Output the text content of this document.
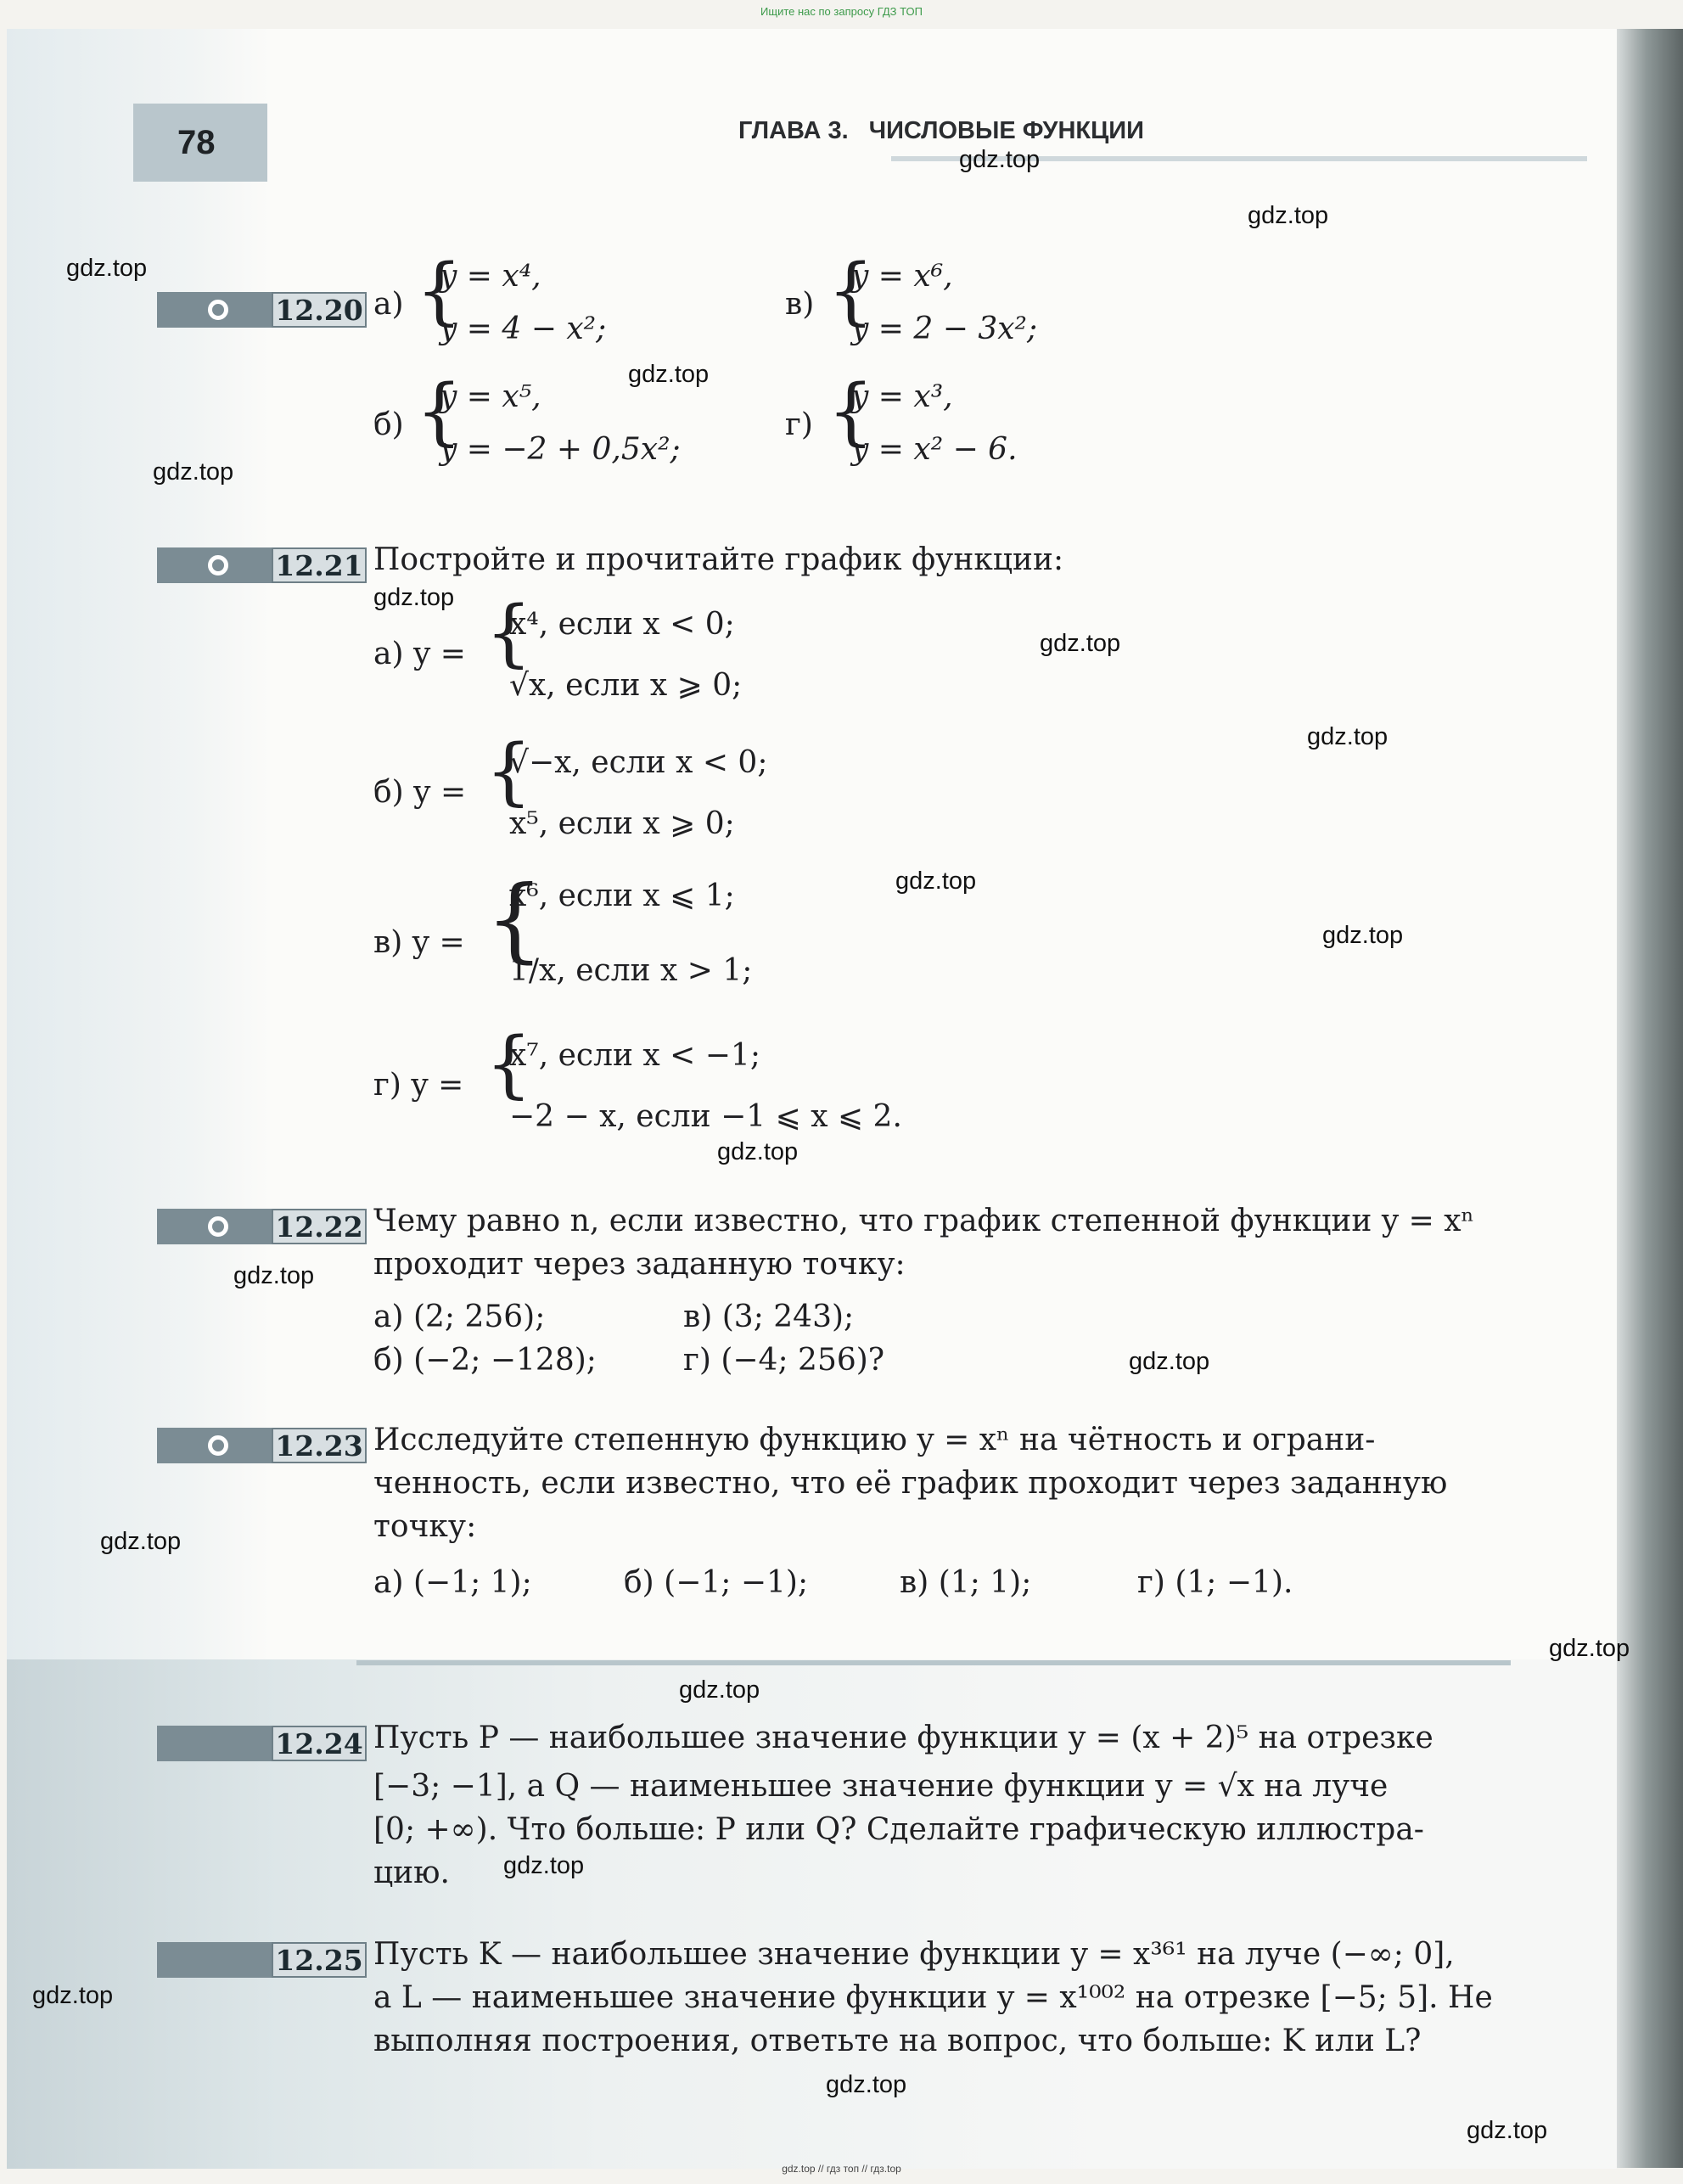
Ищите нас по запросу ГДЗ ТОП
78	ГЛАВА 3. ЧИСЛОВЫЕ ФУНКЦИИ
12.20 а) {
y = x⁴,
y = 4 − x²;
в) {
y = x⁶,
y = 2 − 3x²;
б) {
y = x⁵,
y = −2 + 0,5x²;
г) {
y = x³,
y = x² − 6.
12.21 Постройте и прочитайте график функции:
а) y = {
x⁴, если x < 0;
√x, если x ⩾ 0;
б) y = {
√−x, если x < 0;
x⁵, если x ⩾ 0;
в) y = {
x⁶, если x ⩽ 1;
1/x, если x > 1;
г) y = {
x⁷, если x < −1;
−2 − x, если −1 ⩽ x ⩽ 2.
12.22 Чему равно n, если известно, что график степенной функции y = xⁿ
проходит через заданную точку:
а) (2; 256);	в) (3; 243);
б) (−2; −128);	г) (−4; 256)?
12.23 Исследуйте степенную функцию y = xⁿ на чётность и ограни-
ченность, если известно, что её график проходит через заданную
точку:
а) (−1; 1);	б) (−1; −1);	в) (1; 1);	г) (1; −1).
12.24 Пусть P — наибольшее значение функции y = (x + 2)⁵ на отрезке
[−3; −1], а Q — наименьшее значение функции y = √x на луче
[0; +∞). Что больше: P или Q? Сделайте графическую иллюстра-
цию.
12.25 Пусть K — наибольшее значение функции y = x³⁶¹ на луче (−∞; 0],
а L — наименьшее значение функции y = x¹⁰⁰² на отрезке [−5; 5]. Не
выполняя построения, ответьте на вопрос, что больше: K или L?
gdz.top
gdz.top
gdz.top
gdz.top
gdz.top
gdz.top
gdz.top
gdz.top
gdz.top
gdz.top
gdz.top
gdz.top
gdz.top
gdz.top
gdz.top
gdz.top
gdz.top
gdz.top
gdz.top
gdz.top
gdz.top // гдз топ // гдз.top
